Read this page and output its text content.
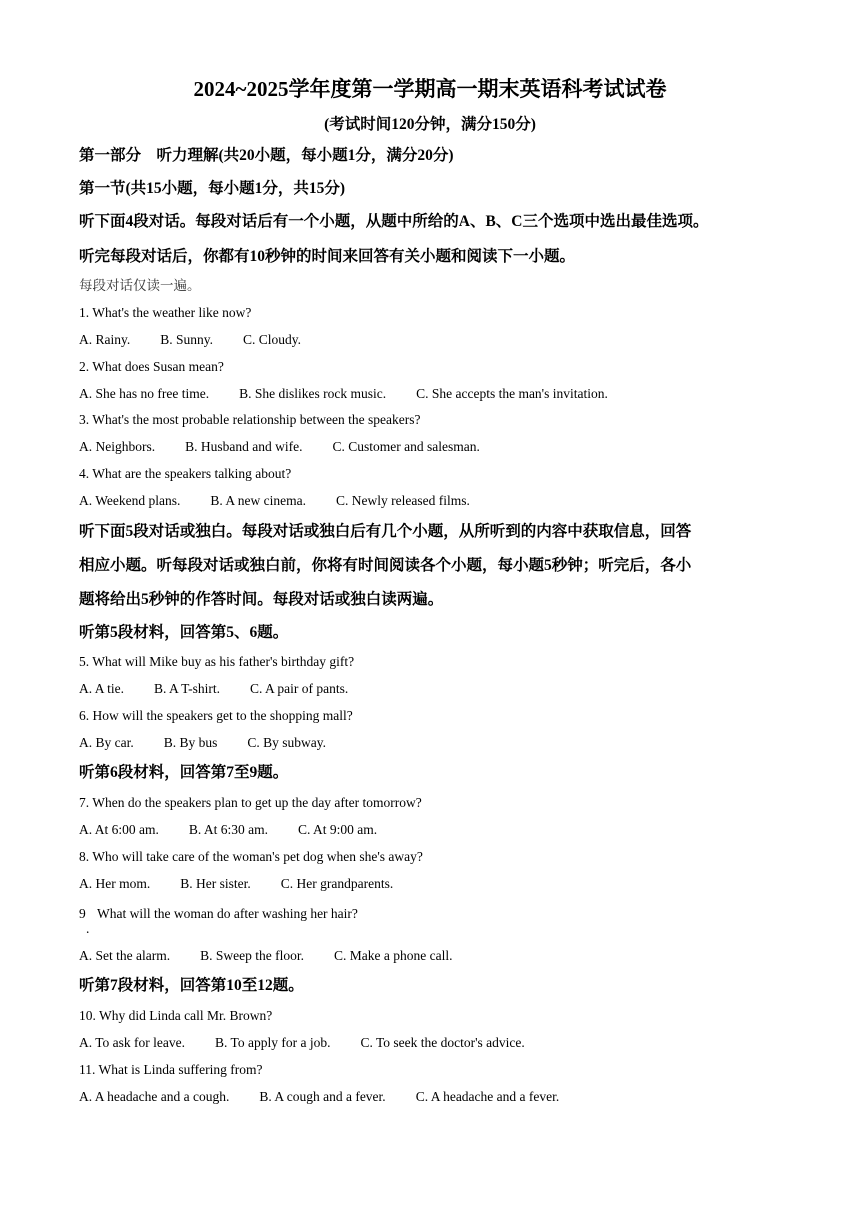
2024~2025学年度第一学期高一期末英语科考试试卷
(考试时间120分钟，满分150分)
第一部分　听力理解(共20小题，每小题1分，满分20分)
第一节(共15小题，每小题1分，共15分)
听下面4段对话。每段对话后有一个小题，从题中所给的A、B、C三个选项中选出最佳选项。
听完每段对话后，你都有10秒钟的时间来回答有关小题和阅读下一小题。
每段对话仅读一遍。
1. What's the weather like now?
A. Rainy. B. Sunny. C. Cloudy.
2. What does Susan mean?
A. She has no free time. B. She dislikes rock music. C. She accepts the man's invitation.
3. What's the most probable relationship between the speakers?
A. Neighbors. B. Husband and wife. C. Customer and salesman.
4. What are the speakers talking about?
A. Weekend plans. B. A new cinema. C. Newly released films.
听下面5段对话或独白。每段对话或独白后有几个小题，从所听到的内容中获取信息，回答
相应小题。听每段对话或独白前，你将有时间阅读各个小题，每小题5秒钟；听完后，各小
题将给出5秒钟的作答时间。每段对话或独白读两遍。
听第5段材料，回答第5、6题。
5. What will Mike buy as his father's birthday gift?
A. A tie. B. A T-shirt. C. A pair of pants.
6. How will the speakers get to the shopping mall?
A. By car. B. By bus C. By subway.
听第6段材料，回答第7至9题。
7. When do the speakers plan to get up the day after tomorrow?
A. At 6:00 am. B. At 6:30 am. C. At 9:00 am.
8. Who will take care of the woman's pet dog when she's away?
A. Her mom. B. Her sister. C. Her grandparents.
9
.
What will the woman do after washing her hair?
A. Set the alarm. B. Sweep the floor. C. Make a phone call.
听第7段材料，回答第10至12题。
10. Why did Linda call Mr. Brown?
A. To ask for leave. B. To apply for a job. C. To seek the doctor's advice.
11. What is Linda suffering from?
A. A headache and a cough. B. A cough and a fever. C. A headache and a fever.
